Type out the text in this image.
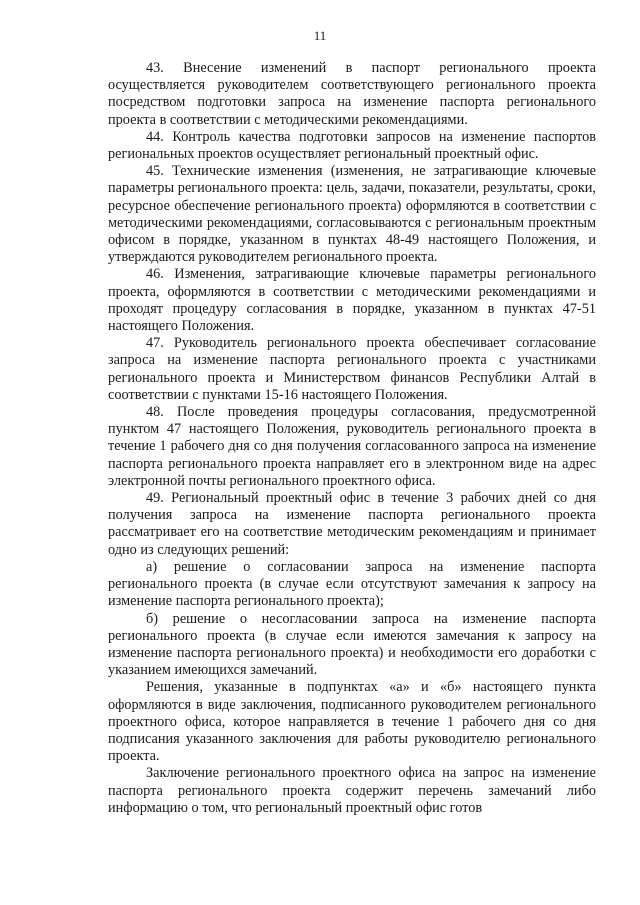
11

43. Внесение изменений в паспорт регионального проекта осуществляется руководителем соответствующего регионального проекта посредством подготовки запроса на изменение паспорта регионального проекта в соответствии с методическими рекомендациями.

44. Контроль качества подготовки запросов на изменение паспортов региональных проектов осуществляет региональный проектный офис.

45. Технические изменения (изменения, не затрагивающие ключевые параметры регионального проекта: цель, задачи, показатели, результаты, сроки, ресурсное обеспечение регионального проекта) оформляются в соответствии с методическими рекомендациями, согласовываются с региональным проектным офисом в порядке, указанном в пунктах 48-49 настоящего Положения, и утверждаются руководителем регионального проекта.

46. Изменения, затрагивающие ключевые параметры регионального проекта, оформляются в соответствии с методическими рекомендациями и проходят процедуру согласования в порядке, указанном в пунктах 47-51 настоящего Положения.

47. Руководитель регионального проекта обеспечивает согласование запроса на изменение паспорта регионального проекта с участниками регионального проекта и Министерством финансов Республики Алтай в соответствии с пунктами 15-16 настоящего Положения.

48. После проведения процедуры согласования, предусмотренной пунктом 47 настоящего Положения, руководитель регионального проекта в течение 1 рабочего дня со дня получения согласованного запроса на изменение паспорта регионального проекта направляет его в электронном виде на адрес электронной почты регионального проектного офиса.

49. Региональный проектный офис в течение 3 рабочих дней со дня получения запроса на изменение паспорта регионального проекта рассматривает его на соответствие методическим рекомендациям и принимает одно из следующих решений:

а) решение о согласовании запроса на изменение паспорта регионального проекта (в случае если отсутствуют замечания к запросу на изменение паспорта регионального проекта);

б) решение о несогласовании запроса на изменение паспорта регионального проекта (в случае если имеются замечания к запросу на изменение паспорта регионального проекта) и необходимости его доработки с указанием имеющихся замечаний.

Решения, указанные в подпунктах «а» и «б» настоящего пункта оформляются в виде заключения, подписанного руководителем регионального проектного офиса, которое направляется в течение 1 рабочего дня со дня подписания указанного заключения для работы руководителю регионального проекта.

Заключение регионального проектного офиса на запрос на изменение паспорта регионального проекта содержит перечень замечаний либо информацию о том, что региональный проектный офис готов
